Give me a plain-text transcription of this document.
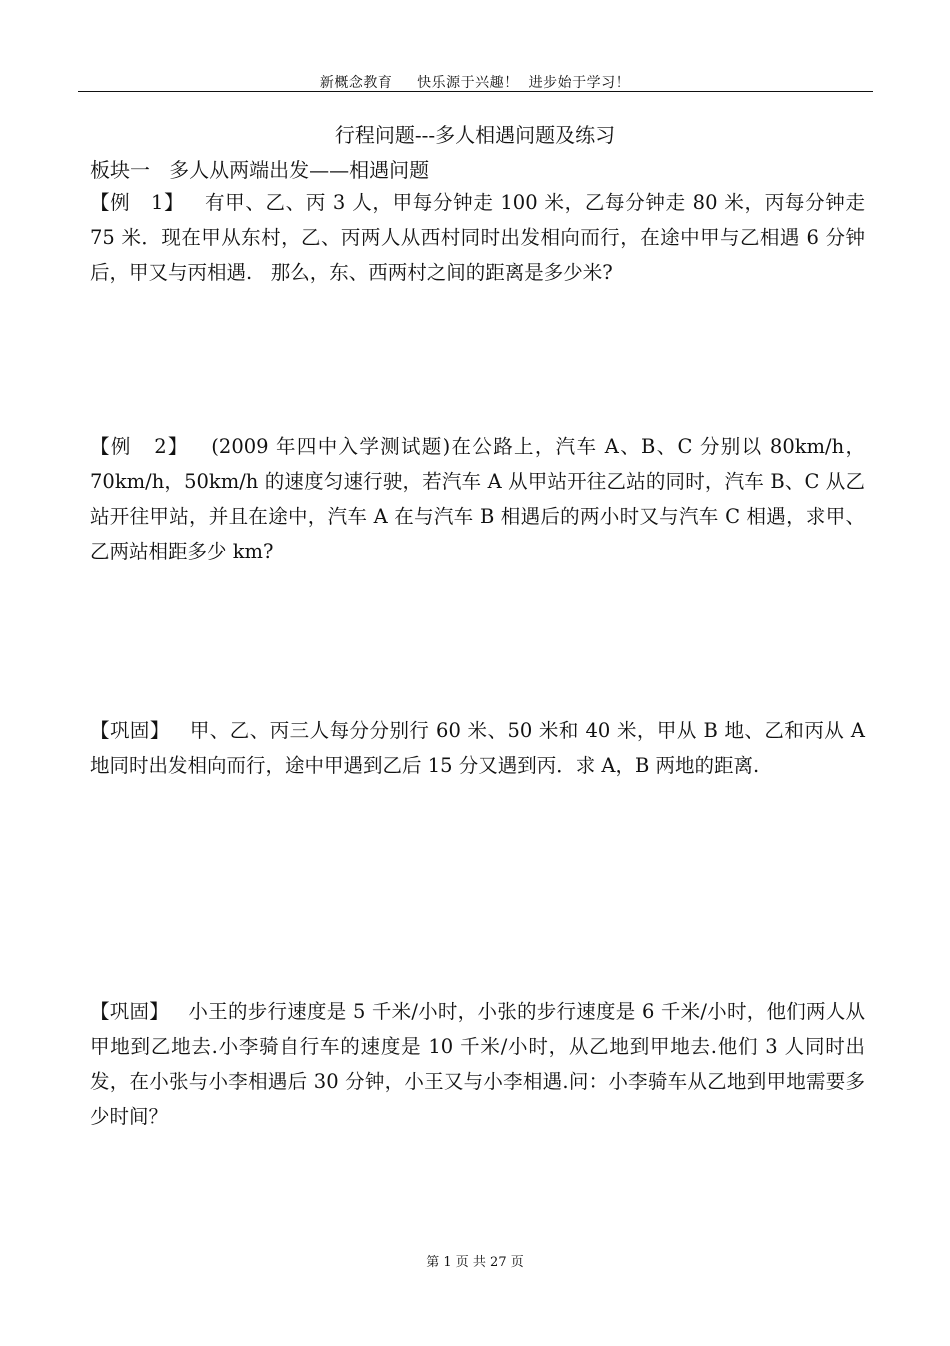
新概念教育     快乐源于兴趣！  进步始于学习！
行程问题---多人相遇问题及练习
板块一   多人从两端出发——相遇问题
【例   1】   有甲、乙、丙 3 人，甲每分钟走 100 米，乙每分钟走 80 米，丙每分钟走 75 米．现在甲从东村，乙、丙两人从西村同时出发相向而行，在途中甲与乙相遇 6 分钟后，甲又与丙相遇.   那么，东、西两村之间的距离是多少米?
【例   2】   (2009 年四中入学测试题)在公路上，汽车 A、B、C 分别以 80km/h，70km/h，50km/h 的速度匀速行驶，若汽车 A 从甲站开往乙站的同时，汽车 B、C 从乙站开往甲站，并且在途中，汽车 A 在与汽车 B 相遇后的两小时又与汽车 C 相遇，求甲、乙两站相距多少 km?
【巩固】   甲、乙、丙三人每分分别行 60 米、50 米和 40 米，甲从 B 地、乙和丙从 A 地同时出发相向而行，途中甲遇到乙后 15 分又遇到丙．求 A，B 两地的距离.
【巩固】   小王的步行速度是 5 千米/小时，小张的步行速度是 6 千米/小时，他们两人从甲地到乙地去.小李骑自行车的速度是 10 千米/小时，从乙地到甲地去.他们 3 人同时出发，在小张与小李相遇后 30 分钟，小王又与小李相遇.问：小李骑车从乙地到甲地需要多少时间？
第 1 页 共 27 页
